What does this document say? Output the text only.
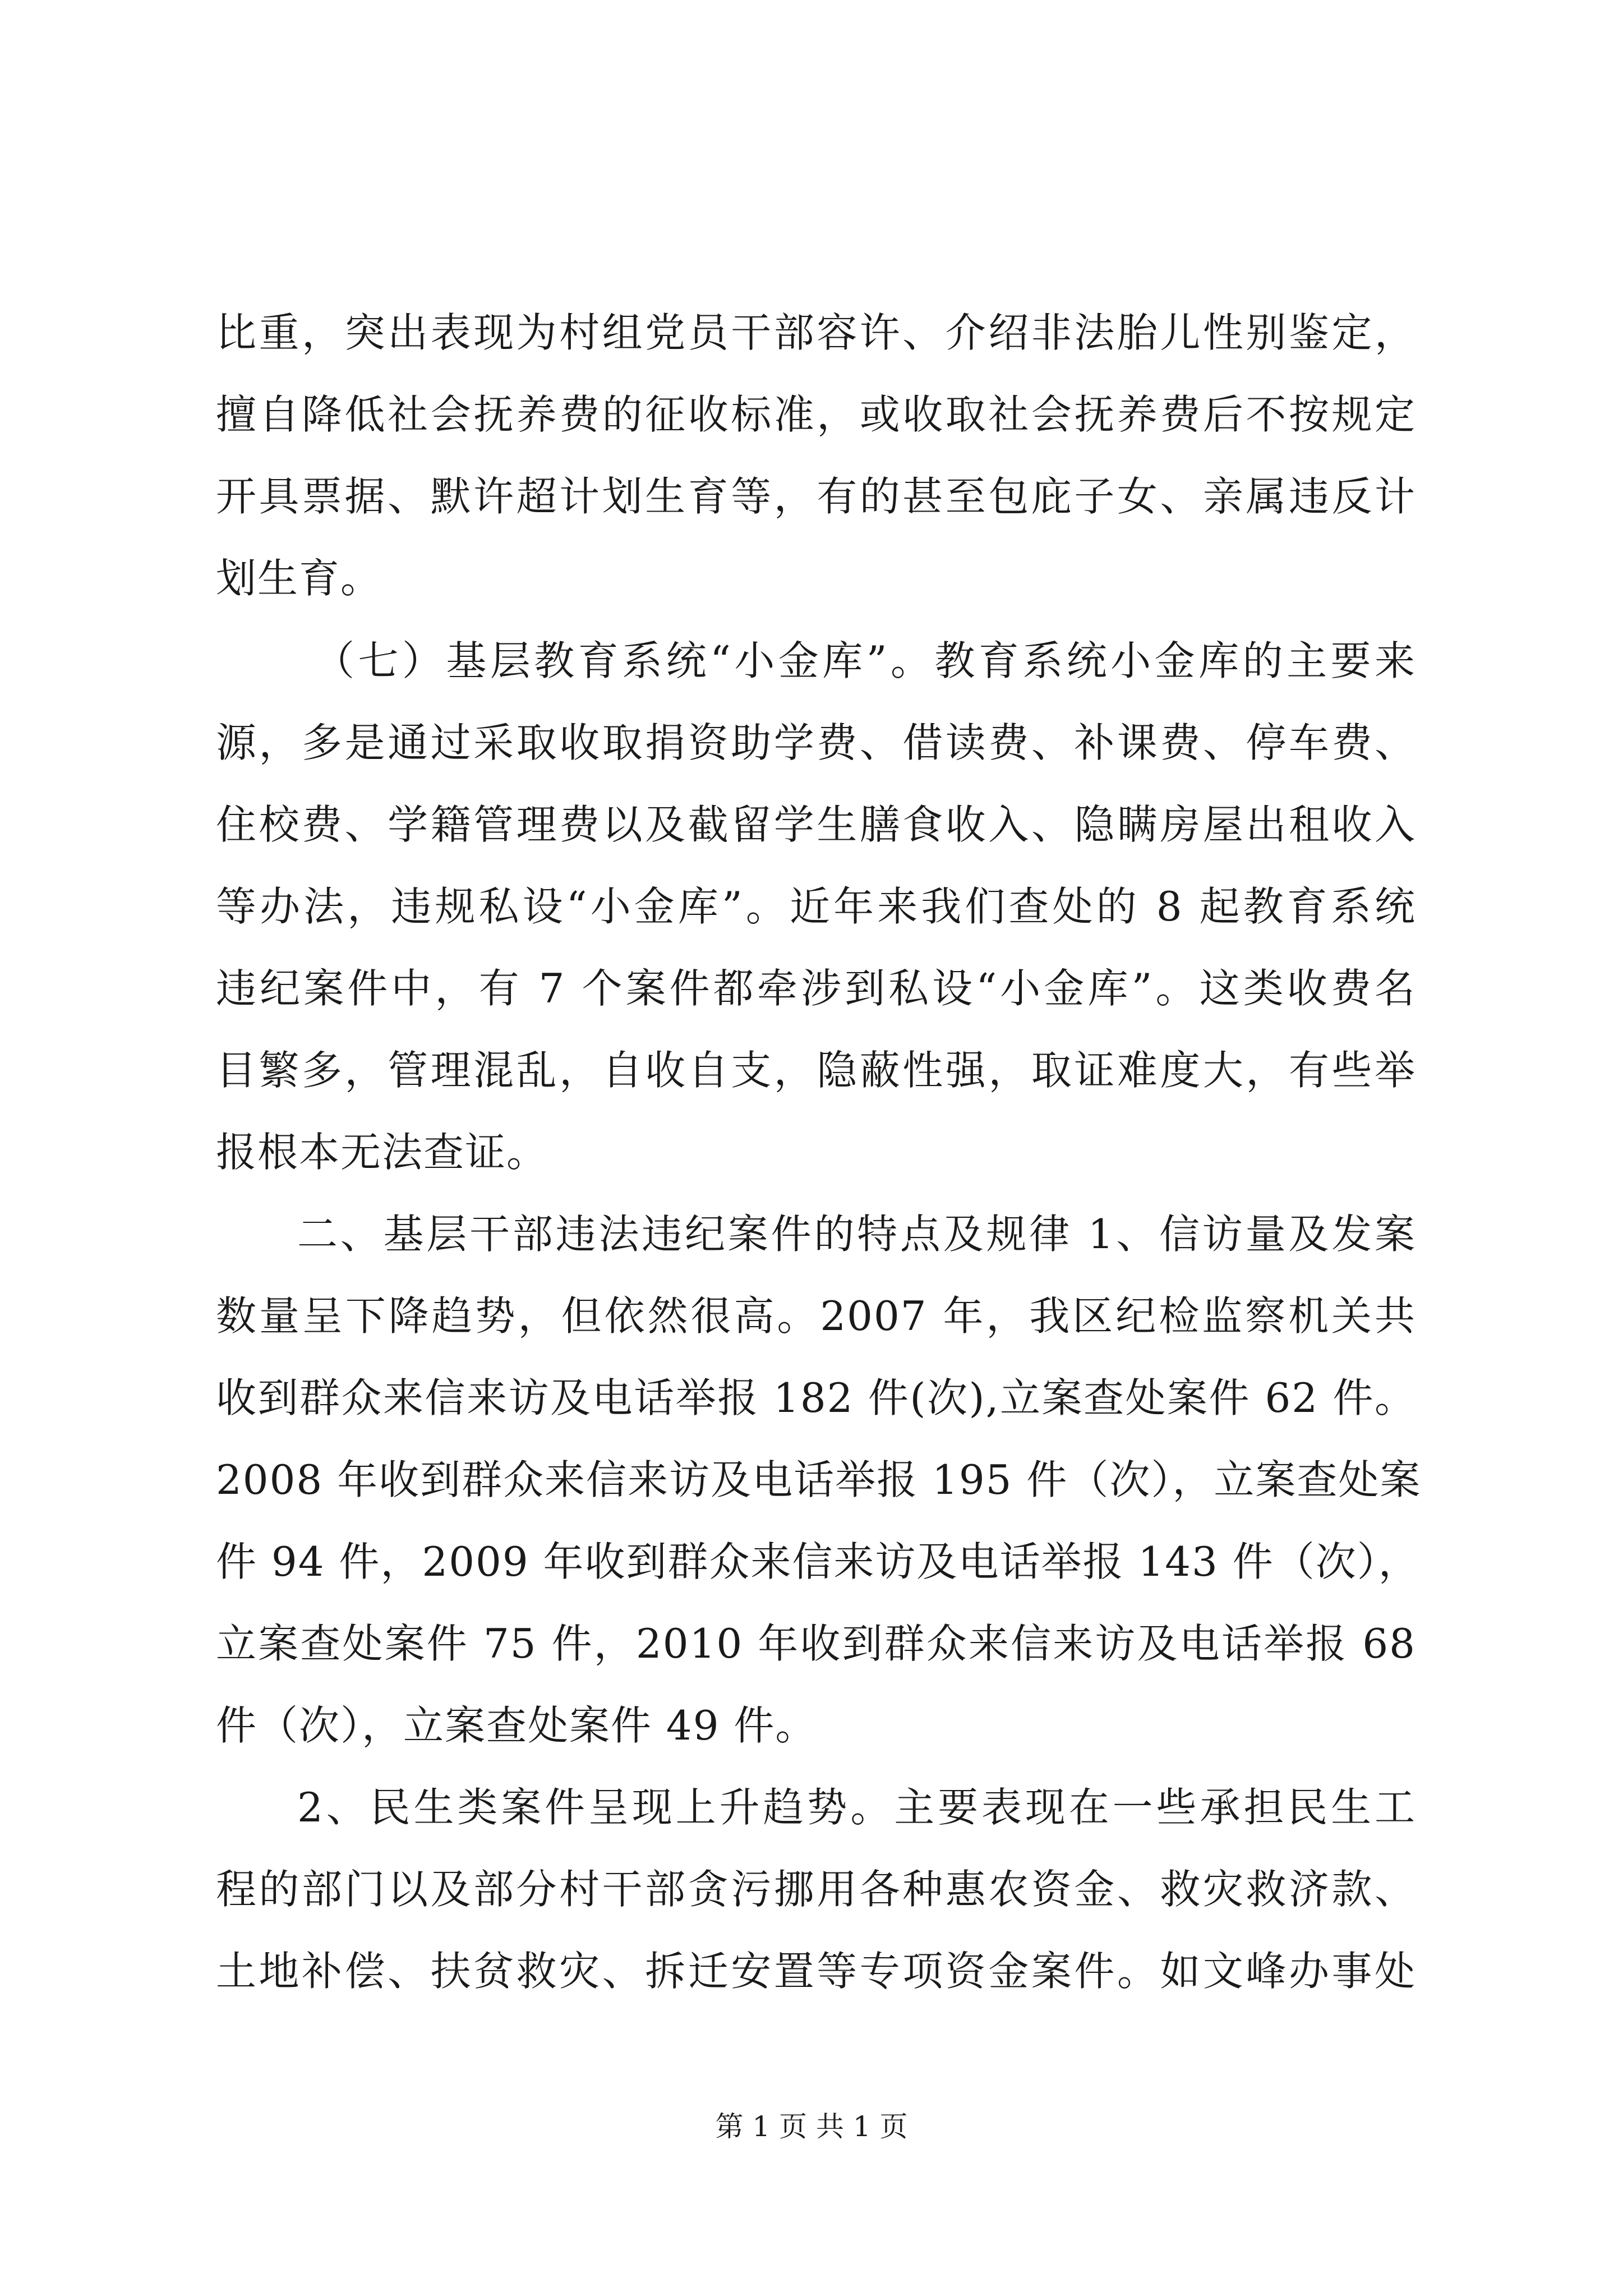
比重，突出表现为村组党员干部容许、介绍非法胎儿性别鉴定，
擅自降低社会抚养费的征收标准，或收取社会抚养费后不按规定
开具票据、默许超计划生育等，有的甚至包庇子女、亲属违反计
划生育。
（七）基层教育系统“小金库”。教育系统小金库的主要来
源，多是通过采取收取捐资助学费、借读费、补课费、停车费、
住校费、学籍管理费以及截留学生膳食收入、隐瞒房屋出租收入
等办法，违规私设“小金库”。近年来我们查处的 8 起教育系统
违纪案件中，有 7 个案件都牵涉到私设“小金库”。这类收费名
目繁多，管理混乱，自收自支，隐蔽性强，取证难度大，有些举
报根本无法查证。
二、基层干部违法违纪案件的特点及规律 1、信访量及发案
数量呈下降趋势，但依然很高。2007 年，我区纪检监察机关共
收到群众来信来访及电话举报 182 件(次),立案查处案件 62 件。
2008 年收到群众来信来访及电话举报 195 件（次），立案查处案
件 94 件，2009 年收到群众来信来访及电话举报 143 件（次），
立案查处案件 75 件，2010 年收到群众来信来访及电话举报 68
件（次），立案查处案件 49 件。
2、民生类案件呈现上升趋势。主要表现在一些承担民生工
程的部门以及部分村干部贪污挪用各种惠农资金、救灾救济款、
土地补偿、扶贫救灾、拆迁安置等专项资金案件。如文峰办事处
第 1 页 共 1 页
